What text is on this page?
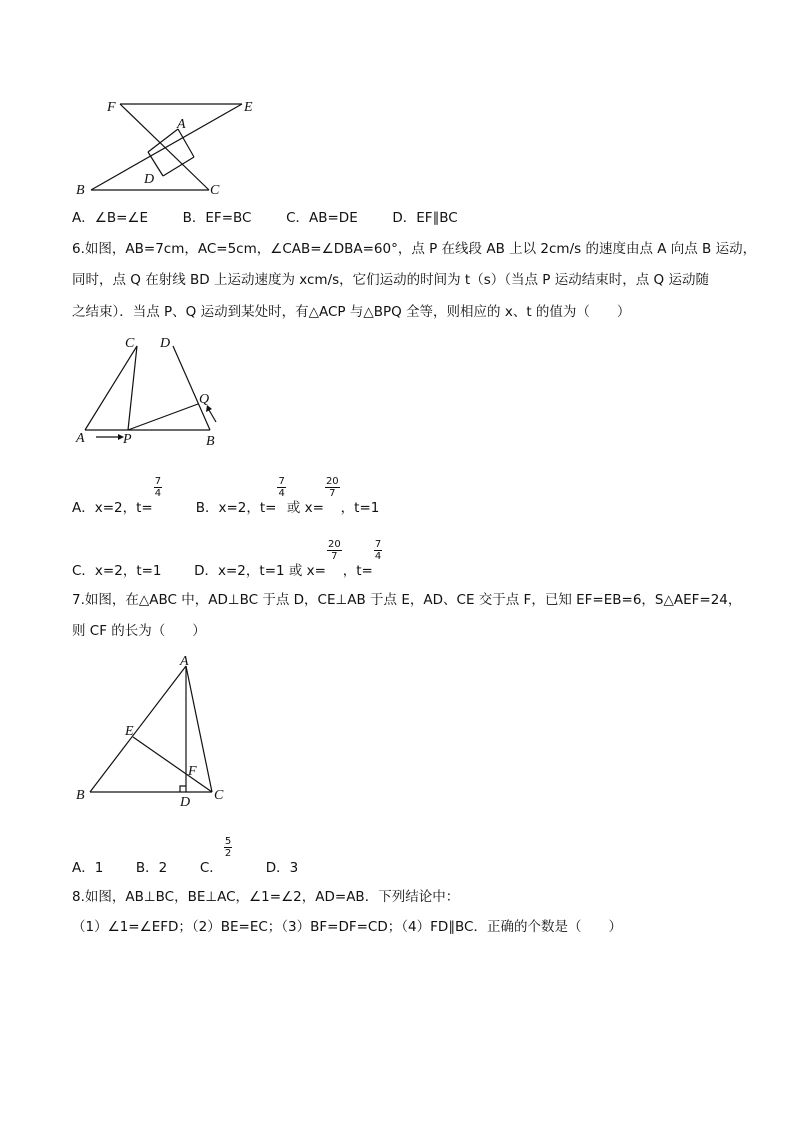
F	E
A
D
B	C
A．∠B=∠E	B．EF=BC	C．AB=DE	D．EF∥BC
6.如图，AB=7cm，AC=5cm，∠CAB=∠DBA=60°，点 P 在线段 AB 上以 2cm/s 的速度由点 A 向点 B 运动，
同时，点 Q 在射线 BD 上运动速度为 xcm/s，它们运动的时间为 t（s）（当点 P 运动结束时，点 Q 运动随
之结束）．当点 P、Q 运动到某处时，有△ACP 与△BPQ 全等，则相应的 x、t 的值为（　　）
C D
Q
A	P	B
A．x=2，t=
$\frac{7}{4}$
B．x=2，t=
$\frac{7}{4}$
或 x=
$\frac{20}{7}$
，t=1
C．x=2，t=1 D．x=2，t=1 或 x=
$\frac{20}{7}$
，t=
$\frac{7}{4}$
7.如图，在△ABC 中，AD⊥BC 于点 D，CE⊥AB 于点 E，AD、CE 交于点 F，已知 EF=EB=6，S△AEF=24，
则 CF 的长为（　　）
A
E
F
B	D C
A．1 B．2 C．
$\frac{5}{2}$
D．3
8.如图，AB⊥BC，BE⊥AC，∠1=∠2，AD=AB．下列结论中：
（1）∠1=∠EFD；（2）BE=EC；（3）BF=DF=CD；（4）FD∥BC．正确的个数是（　　）
